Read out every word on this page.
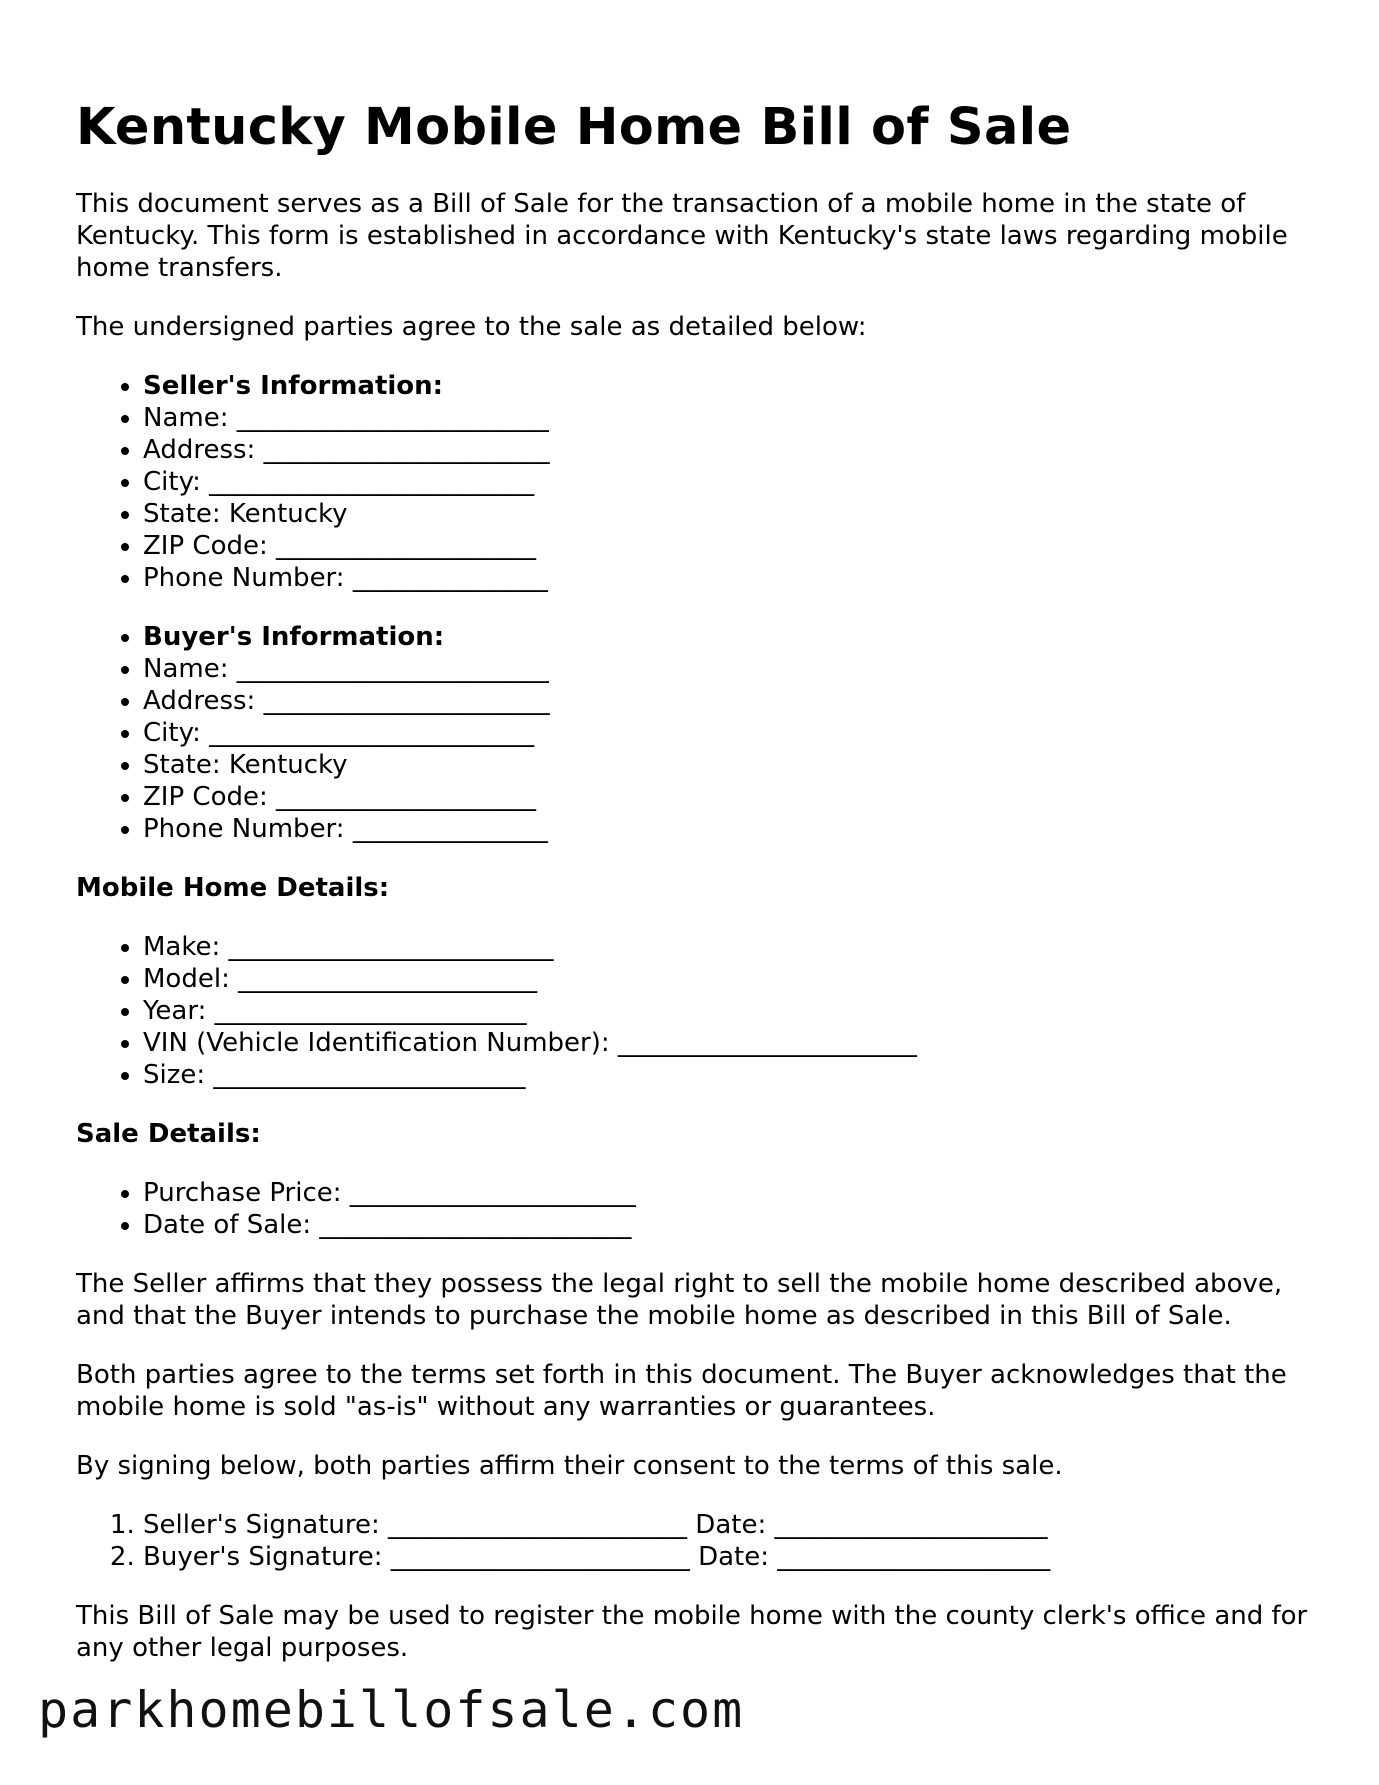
Kentucky Mobile Home Bill of Sale

This document serves as a Bill of Sale for the transaction of a mobile home in the state of Kentucky. This form is established in accordance with Kentucky's state laws regarding mobile home transfers.

The undersigned parties agree to the sale as detailed below:

• Seller's Information:
• Name: ________________________
• Address: ______________________
• City: _________________________
• State: Kentucky
• ZIP Code: ____________________
• Phone Number: _______________
• Buyer's Information:
• Name: ________________________
• Address: ______________________
• City: _________________________
• State: Kentucky
• ZIP Code: ____________________
• Phone Number: _______________
Mobile Home Details:
• Make: _________________________
• Model: _______________________
• Year: ________________________
• VIN (Vehicle Identification Number): _______________________
• Size: ________________________
Sale Details:
• Purchase Price: ______________________
• Date of Sale: ________________________

The Seller affirms that they possess the legal right to sell the mobile home described above, and that the Buyer intends to purchase the mobile home as described in this Bill of Sale.

Both parties agree to the terms set forth in this document. The Buyer acknowledges that the mobile home is sold "as-is" without any warranties or guarantees.

By signing below, both parties affirm their consent to the terms of this sale.

1. Seller's Signature: _______________________ Date: _____________________
2. Buyer's Signature: _______________________ Date: _____________________

This Bill of Sale may be used to register the mobile home with the county clerk's office and for any other legal purposes.

parkhomebillofsale.com
